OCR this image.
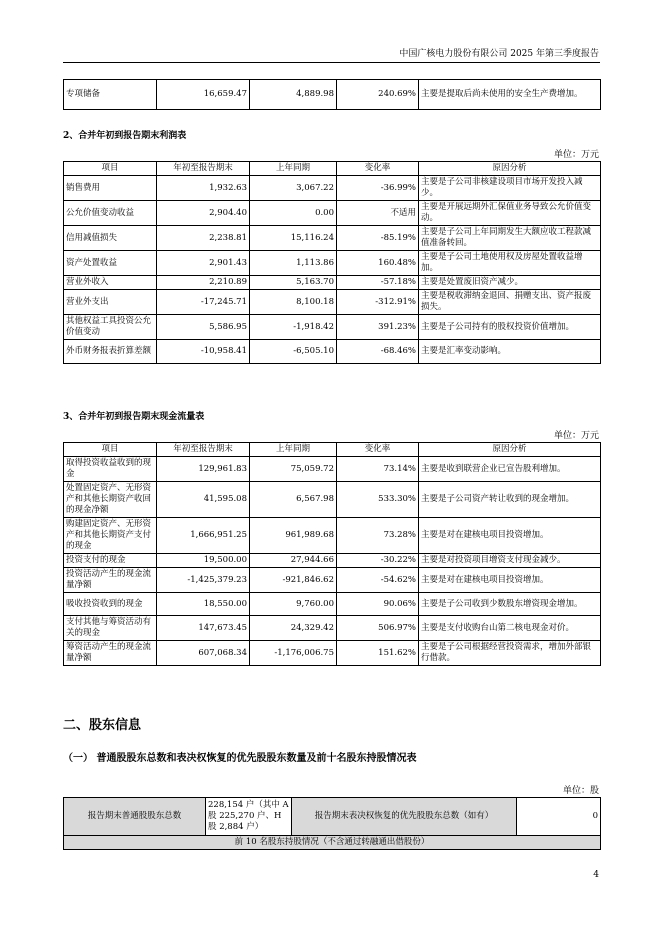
中国广核电力股份有限公司 2025 年第三季度报告
专项储备	16,659.47	4,889.98	240.69%	主要是提取后尚未使用的安全生产费增加。
2、合并年初到报告期末利润表
单位：万元
项目	年初至报告期末	上年同期	变化率	原因分析
销售费用	1,932.63	3,067.22	-36.99%	主要是子公司非核建设项目市场开发投入减少。
公允价值变动收益	2,904.40	0.00	不适用	主要是开展远期外汇保值业务导致公允价值变动。
信用减值损失	2,238.81	15,116.24	-85.19%	主要是子公司上年同期发生大额应收工程款减值准备转回。
资产处置收益	2,901.43	1,113.86	160.48%	主要是子公司土地使用权及房屋处置收益增加。
营业外收入	2,210.89	5,163.70	-57.18%	主要是处置废旧资产减少。
营业外支出	-17,245.71	8,100.18	-312.91%	主要是税收滞纳金退回、捐赠支出、资产报废损失。
其他权益工具投资公允价值变动	5,586.95	-1,918.42	391.23%	主要是子公司持有的股权投资价值增加。
外币财务报表折算差额	-10,958.41	-6,505.10	-68.46%	主要是汇率变动影响。
3、合并年初到报告期末现金流量表
单位：万元
项目	年初至报告期末	上年同期	变化率	原因分析
取得投资收益收到的现金	129,961.83	75,059.72	73.14%	主要是收到联营企业已宣告股利增加。
处置固定资产、无形资产和其他长期资产收回的现金净额	41,595.08	6,567.98	533.30%	主要是子公司资产转让收到的现金增加。
购建固定资产、无形资产和其他长期资产支付的现金	1,666,951.25	961,989.68	73.28%	主要是对在建核电项目投资增加。
投资支付的现金	19,500.00	27,944.66	-30.22%	主要是对投资项目增资支付现金减少。
投资活动产生的现金流量净额	-1,425,379.23	-921,846.62	-54.62%	主要是对在建核电项目投资增加。
吸收投资收到的现金	18,550.00	9,760.00	90.06%	主要是子公司收到少数股东增资现金增加。
支付其他与筹资活动有关的现金	147,673.45	24,329.42	506.97%	主要是支付收购台山第二核电现金对价。
筹资活动产生的现金流量净额	607,068.34	-1,176,006.75	151.62%	主要是子公司根据经营投资需求，增加外部银行借款。
二、股东信息
（一） 普通股股东总数和表决权恢复的优先股股东数量及前十名股东持股情况表
单位：股
报告期末普通股股东总数	228,154 户（其中 A 股 225,270 户、H 股 2,884 户）	报告期末表决权恢复的优先股股东总数（如有）	0
前 10 名股东持股情况（不含通过转融通出借股份）
4
